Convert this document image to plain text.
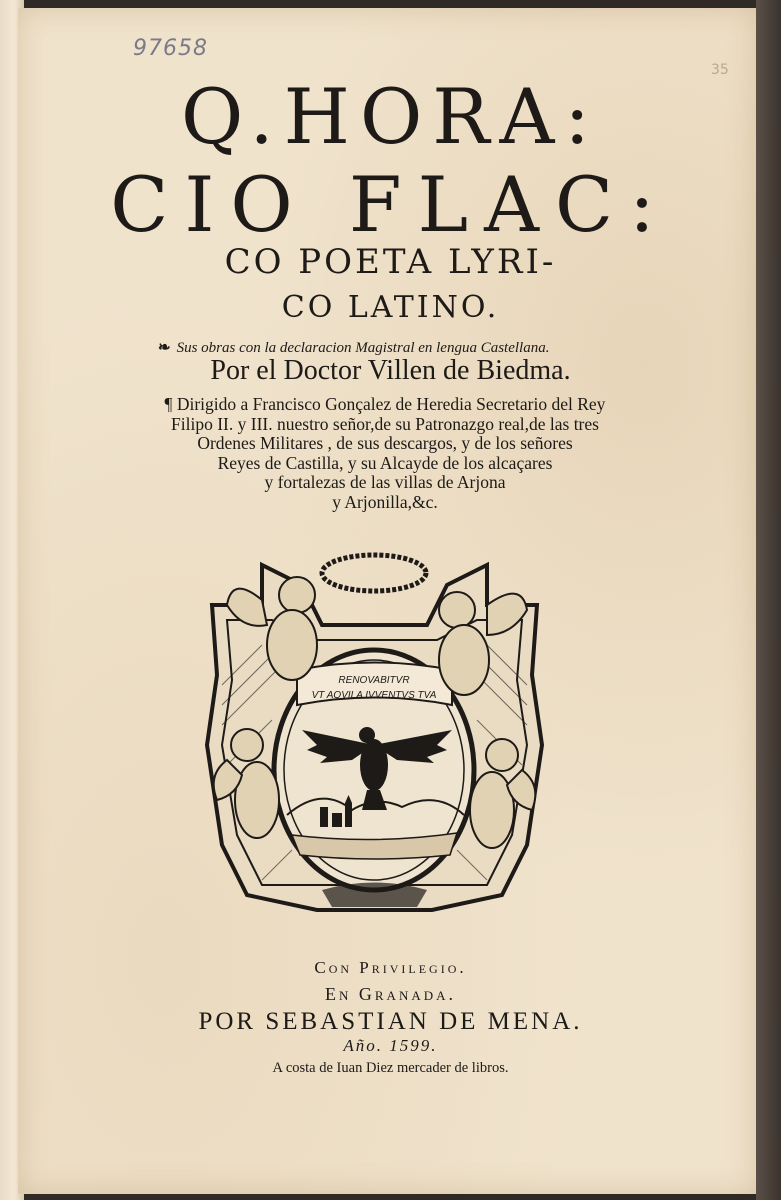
97658
35
Q.HORA:
CIO FLAC:
CO POETA LYRI-
CO LATINO.
❧ Sus obras con la declaracion Magistral en lengua Castellana.
Por el Doctor Villen de Biedma.
¶ Dirigido a Francisco Gonçalez de Heredia Secretario del Rey
Filipo II. y III. nuestro señor,de su Patronazgo real,de las tres
Ordenes Militares , de sus descargos, y de los señores
Reyes de Castilla, y su Alcayde de los alcaçares
y fortalezas de las villas de Arjona
y Arjonilla,&c.
RENOVABITVR
VT AQVILA IVVENTVS TVA
Con Privilegio.
En Granada.
POR SEBASTIAN DE MENA.
Año. 1599.
A costa de Iuan Diez mercader de libros.
